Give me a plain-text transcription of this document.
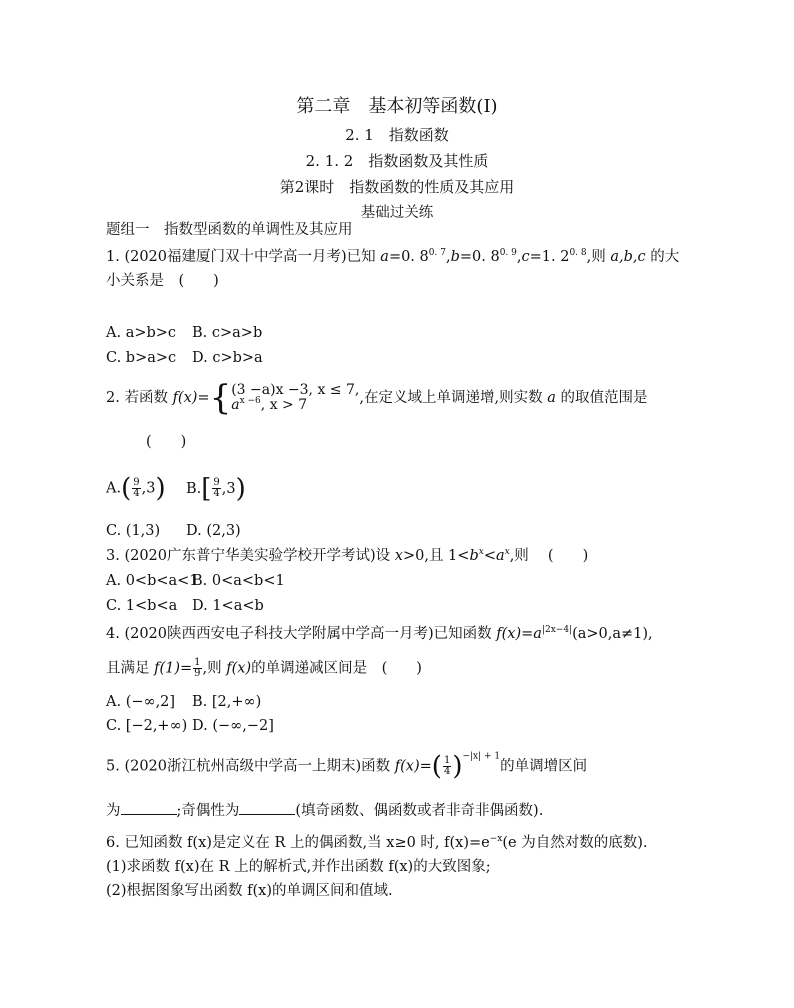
第二章　基本初等函数(Ⅰ)
2. 1　指数函数
2. 1. 2　指数函数及其性质
第2课时　指数函数的性质及其应用
基础过关练
题组一　指数型函数的单调性及其应用
1. (2020福建厦门双十中学高一月考)已知 a=0. $8^{0. 7},b=0$. $8^{0. 9},c=1$. $2^{0. 8}$,则 a,b,c 的大
小关系是　(　　)
A. a>b>c B. c>a>b
C. b>a>c D. c>b>a
2. 若函数 f(x)={ (3 −a)x −3, x ≤ 7,
$a^{x -6}$, x > 7	,在定义域上单调递增,则实数 a 的取值范围是
(　　)
$A.( \frac{9}{4} ,3)$ $B.[ \frac{9}{4} ,3)$
C. (1,3) D. (2,3)
3. (2020广东普宁华美实验学校开学考试)设 x>0,且 $1<b^x<a^x$,则　 (　　)
A. 0<b<a<1B. 0<a<b<1
C. 1<b<a D. 1<a<b
4. (2020陕西西安电子科技大学附属中学高一月考)已知函数 $f(x)=a^{|2x-4|}(a>0,a\ne 1)$,
且满足 $f(1)= \frac{1}{9}$ ,则 f(x)的单调递减区间是　(　　)
A. (−∞,2] B. [2,+∞)
C. [−2,+∞) D. (−∞,−2]
5. (2020浙江杭州高级中学高一上期末)函数 $f(x)=( \frac{1}{4} )^{-|x| + 1}$的单调增区间
为	;奇偶性为	(填奇函数、偶函数或者非奇非偶函数).
6. 已知函数 f(x)是定义在 R 上的偶函数,当 x≥0 时, $f(x)=e^{-x}(e$ 为自然对数的底数).
(1)求函数 f(x)在 R 上的解析式,并作出函数 f(x)的大致图象;
(2)根据图象写出函数 f(x)的单调区间和值域.
